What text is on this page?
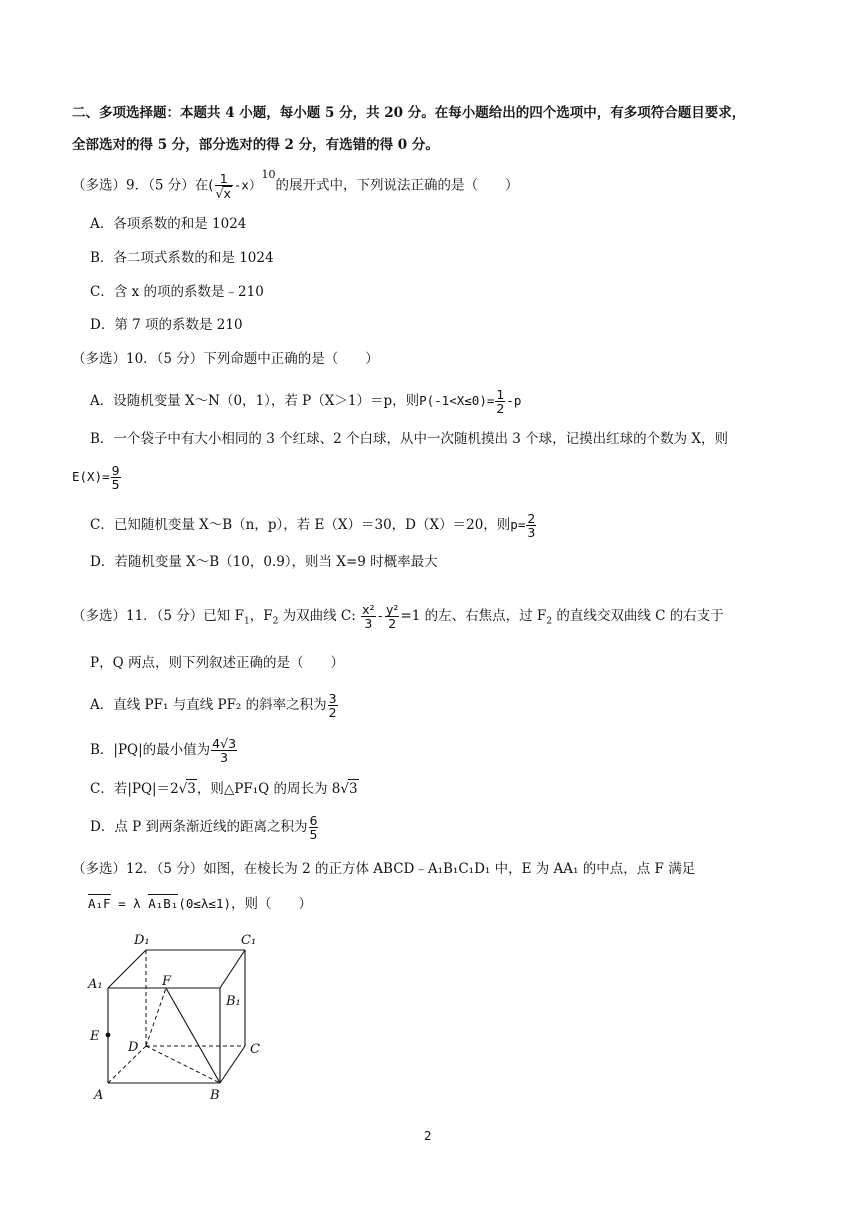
二、多项选择题：本题共 4 小题，每小题 5 分，共 20 分。在每小题给出的四个选项中，有多项符合题目要求，
全部选对的得 5 分，部分选对的得 2 分，有选错的得 0 分。
（多选）9．（5 分）在( $\frac{1}{√x} -x)^{10}$的展开式中，下列说法正确的是（　　）
A．各项系数的和是 1024
B．各二项式系数的和是 1024
C．含 x 的项的系数是﹣210
D．第 7 项的系数是 210
（多选）10．（5 分）下列命题中正确的是（　　）
A．设随机变量 X～N（0，1），若 P（X＞1）＝p，则$P(-1<X\le 0)= \frac{1}{2} -p$
B．一个袋子中有大小相同的 3 个红球、2 个白球，从中一次随机摸出 3 个球，记摸出红球的个数为 X，则
$E(X)= \frac{9}{5}$
C．已知随机变量 X～B（n，p），若 E（X）＝30，D（X）＝20，则$p= \frac{2}{3}$
D．若随机变量 X～B（10，0.9），则当 X=9 时概率最大
（多选）11．（5 分）已知 $F_1$，$F_2$ 为双曲线 C: $\frac{\text{x²}}{3} - \frac{\text{y²}}{2} =1$ 的左、右焦点，过 $F_2$ 的直线交双曲线 C 的右支于
P，Q 两点，则下列叙述正确的是（　　）
A．直线 PF₁ 与直线 PF₂ 的斜率之积为 $\frac{3}{2}$
B．|PQ|的最小值为 $\frac{4√3}{3}$
C．若|PQ|＝2√3，则△PF₁Q 的周长为 8√3
D．点 P 到两条渐近线的距离之积为 $\frac{6}{5}$
（多选）12．（5 分）如图，在棱长为 2 的正方体 ABCD﹣A₁B₁C₁D₁ 中，E 为 AA₁ 的中点，点 F 满足
A₁F = λ A₁B₁(0≤λ≤1)，则（　　）
D₁	C₁
A₁
B₁
F
E
D	C
A	B
2
